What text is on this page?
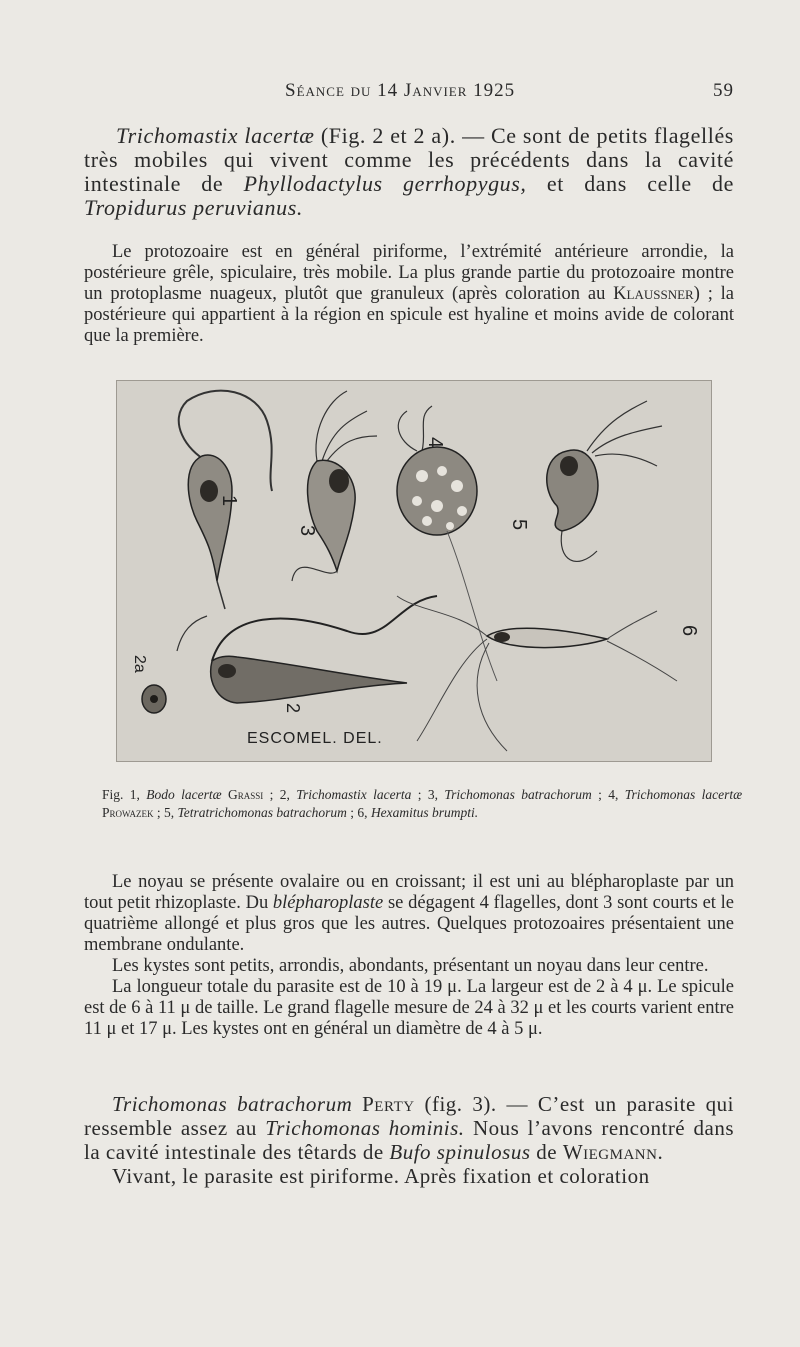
Séance du 14 Janvier 1925	59
Trichomastix lacertæ (Fig. 2 et 2 a). — Ce sont de petits flagellés très mobiles qui vivent comme les précédents dans la cavité intestinale de Phyllodactylus gerrhopygus, et dans celle de Tropidurus peruvianus.
Le protozoaire est en général piriforme, l’extrémité antérieure arrondie, la postérieure grêle, spiculaire, très mobile. La plus grande partie du protozoaire montre un protoplasme nuageux, plutôt que granuleux (après coloration au Klaussner) ; la postérieure qui appartient à la région en spicule est hyaline et moins avide de colorant que la première.
1
3
4
5
6
2
2a
ESCOMEL. DEL.
Fig. 1, Bodo lacertæ Grassi ; 2, Trichomastix lacerta ; 3, Trichomonas batrachorum ; 4, Trichomonas lacertæ Prowazek ; 5, Tetratrichomonas batrachorum ; 6, Hexamitus brumpti.
Le noyau se présente ovalaire ou en croissant; il est uni au blépharoplaste par un tout petit rhizoplaste. Du blépharoplaste se dégagent 4 flagelles, dont 3 sont courts et le quatrième allongé et plus gros que les autres. Quelques protozoaires présentaient une membrane ondulante.
Les kystes sont petits, arrondis, abondants, présentant un noyau dans leur centre.
La longueur totale du parasite est de 10 à 19 μ. La largeur est de 2 à 4 μ. Le spicule est de 6 à 11 μ de taille. Le grand flagelle mesure de 24 à 32 μ et les courts varient entre 11 μ et 17 μ. Les kystes ont en général un diamètre de 4 à 5 μ.
Trichomonas batrachorum Perty (fig. 3). — C’est un parasite qui ressemble assez au Trichomonas hominis. Nous l’avons rencontré dans la cavité intestinale des têtards de Bufo spinulosus de Wiegmann.
Vivant, le parasite est piriforme. Après fixation et coloration
